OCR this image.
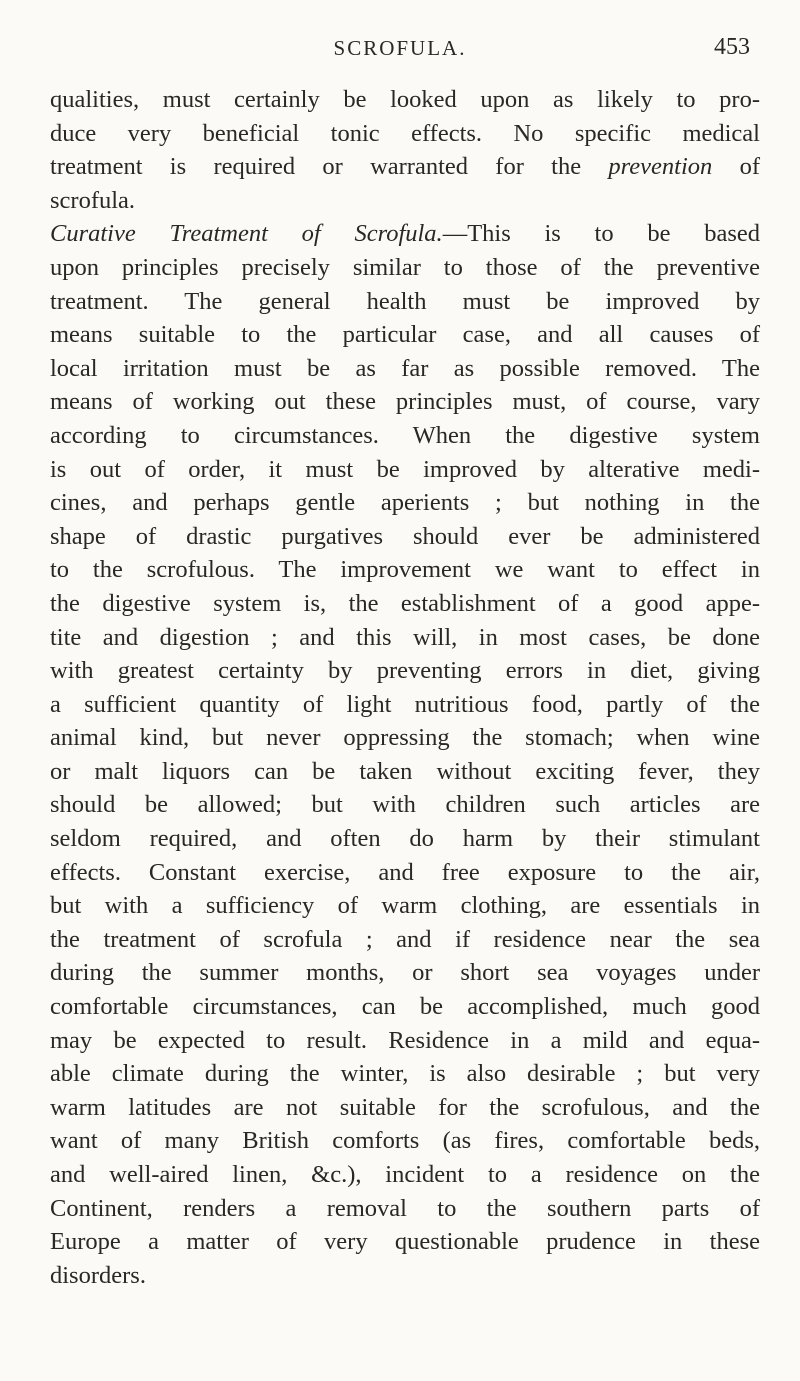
SCROFULA.	453
qualities, must certainly be looked upon as likely to pro-
duce very beneficial tonic effects. No specific medical
treatment is required or warranted for the prevention of
scrofula.
Curative Treatment of Scrofula.—This is to be based
upon principles precisely similar to those of the preventive
treatment. The general health must be improved by
means suitable to the particular case, and all causes of
local irritation must be as far as possible removed. The
means of working out these principles must, of course, vary
according to circumstances. When the digestive system
is out of order, it must be improved by alterative medi-
cines, and perhaps gentle aperients ; but nothing in the
shape of drastic purgatives should ever be administered
to the scrofulous. The improvement we want to effect in
the digestive system is, the establishment of a good appe-
tite and digestion ; and this will, in most cases, be done
with greatest certainty by preventing errors in diet, giving
a sufficient quantity of light nutritious food, partly of the
animal kind, but never oppressing the stomach; when wine
or malt liquors can be taken without exciting fever, they
should be allowed; but with children such articles are
seldom required, and often do harm by their stimulant
effects. Constant exercise, and free exposure to the air,
but with a sufficiency of warm clothing, are essentials in
the treatment of scrofula ; and if residence near the sea
during the summer months, or short sea voyages under
comfortable circumstances, can be accomplished, much good
may be expected to result. Residence in a mild and equa-
able climate during the winter, is also desirable ; but very
warm latitudes are not suitable for the scrofulous, and the
want of many British comforts (as fires, comfortable beds,
and well-aired linen, &c.), incident to a residence on the
Continent, renders a removal to the southern parts of
Europe a matter of very questionable prudence in these
disorders.
